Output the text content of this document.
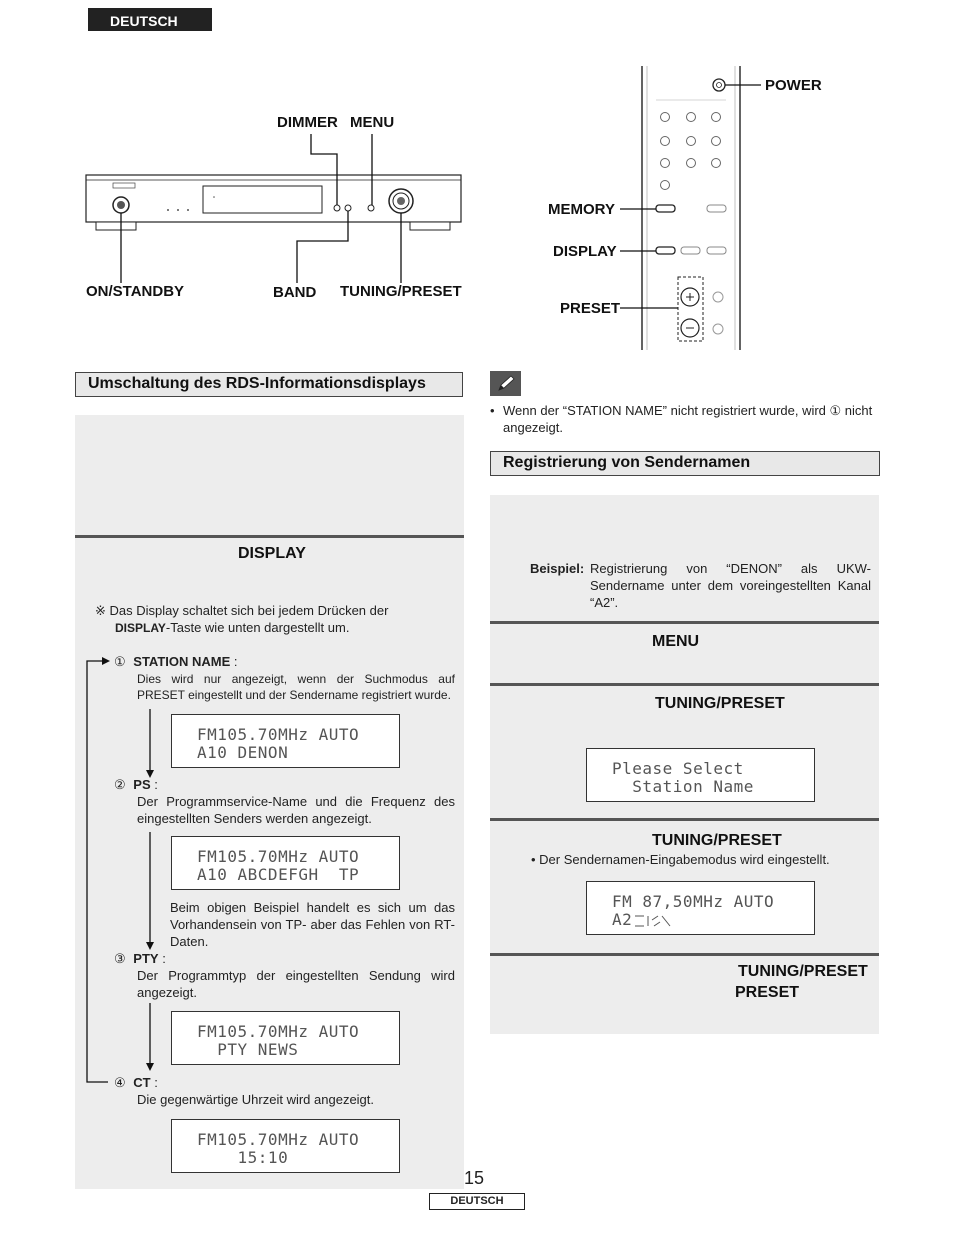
DEUTSCH
DIMMER MENU
ON/STANDBY	BAND TUNING/PRESET
POWER
MEMORY
DISPLAY
PRESET
Umschaltung des RDS-Informationsdisplays
DISPLAY
※ Das Display schaltet sich bei jedem Drücken der
DISPLAY-Taste wie unten dargestellt um.
① STATION NAME :
Dies wird nur angezeigt, wenn der Suchmodus auf PRESET eingestellt und der Sendername registriert wurde.
FM105.70MHz AUTO
A10 DENON
② PS :
Der Programmservice-Name und die Frequenz des eingestellten Senders werden angezeigt.
FM105.70MHz AUTO
A10 ABCDEFGH  TP
Beim obigen Beispiel handelt es sich um das Vorhandensein von TP- aber das Fehlen von RT-Daten.
③ PTY :
Der Programmtyp der eingestellten Sendung wird angezeigt.
FM105.70MHz AUTO
PTY NEWS
④ CT :
Die gegenwärtige Uhrzeit wird angezeigt.
FM105.70MHz AUTO
15:10
• Wenn der “STATION NAME” nicht registriert wurde, wird ① nicht angezeigt.
Registrierung von Sendernamen
Beispiel: Registrierung von “DENON” als UKW-Sendername unter dem voreingestellten Kanal “A2”.
MENU
TUNING/PRESET
Please Select
Station Name
TUNING/PRESET
• Der Sendernamen-Eingabemodus wird eingestellt.
FM 87,50MHz AUTO
A2
TUNING/PRESET
PRESET
15
DEUTSCH
